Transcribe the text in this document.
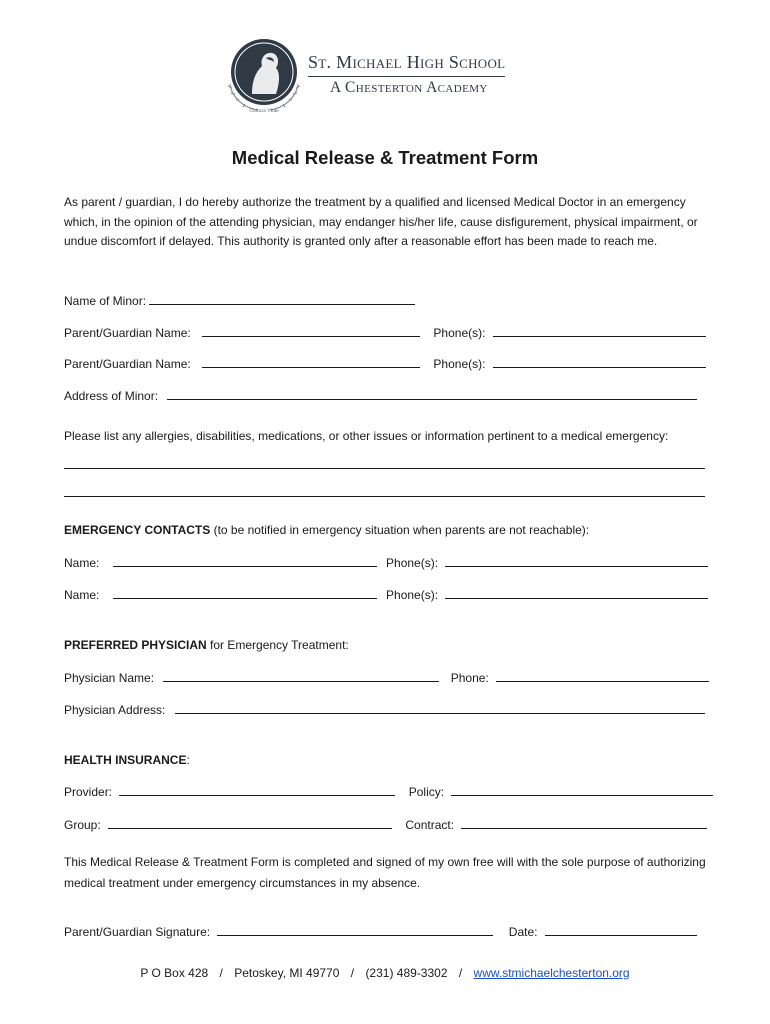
Cultura Vitae
St. Michael High School
A Chesterton Academy
Medical Release & Treatment Form
As parent / guardian, I do hereby authorize the treatment by a qualified and licensed Medical Doctor in an emergency which, in the opinion of the attending physician, may endanger his/her life, cause disfigurement, physical impairment, or undue discomfort if delayed. This authority is granted only after a reasonable effort has been made to reach me.
Name of Minor:
Parent/Guardian Name:	Phone(s):
Parent/Guardian Name:	Phone(s):
Address of Minor:
Please list any allergies, disabilities, medications, or other issues or information pertinent to a medical emergency:
EMERGENCY CONTACTS (to be notified in emergency situation when parents are not reachable):
Name:	Phone(s):
Name:	Phone(s):
PREFERRED PHYSICIAN for Emergency Treatment:
Physician Name:	Phone:
Physician Address:
HEALTH INSURANCE:
Provider:	Policy:
Group:	Contract:
This Medical Release & Treatment Form is completed and signed of my own free will with the sole purpose of authorizing medical treatment under emergency circumstances in my absence.
Parent/Guardian Signature:	Date:
P O Box 428 / Petoskey, MI 49770 / (231) 489-3302 / www.stmichaelchesterton.org
